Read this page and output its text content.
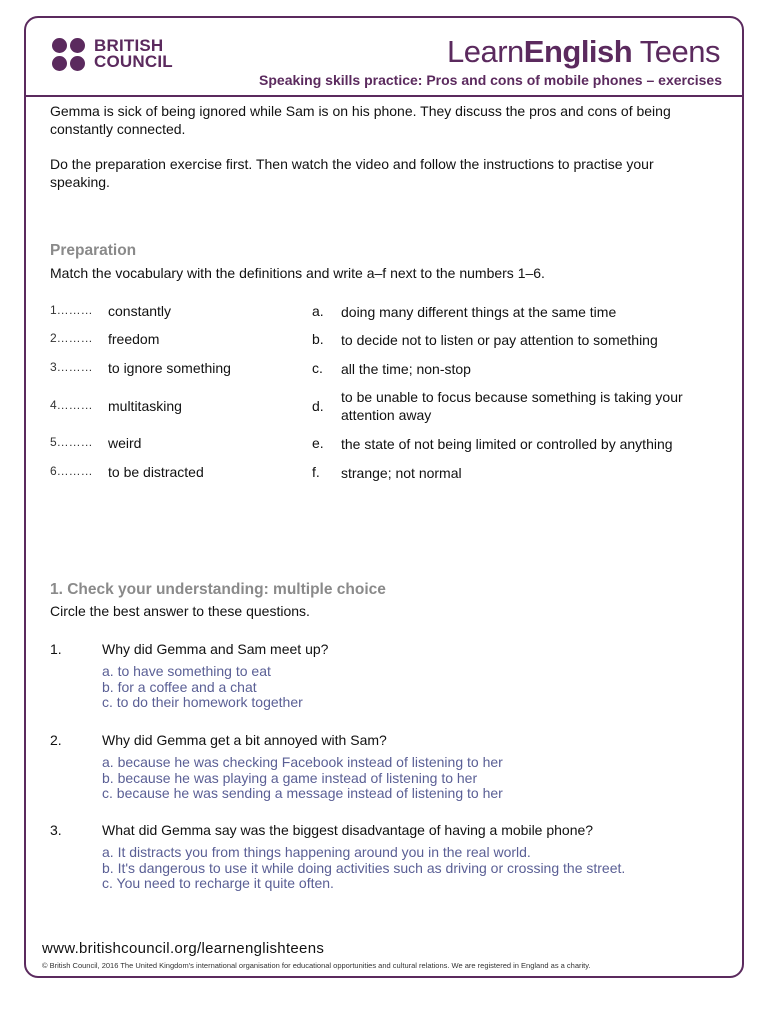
BRITISH
COUNCIL	LearnEnglish Teens
Speaking skills practice: Pros and cons of mobile phones – exercises
Gemma is sick of being ignored while Sam is on his phone. They discuss the pros and cons of being constantly connected.
Do the preparation exercise first. Then watch the video and follow the instructions to practise your speaking.
Preparation
Match the vocabulary with the definitions and write a–f next to the numbers 1–6.
1……… constantly	a. doing many different things at the same time
2……… freedom	b. to decide not to listen or pay attention to something
3……… to ignore something	c. all the time; non-stop
4……… multitasking	d.
to be unable to focus because something is taking your attention away
5……… weird	e. the state of not being limited or controlled by anything
6……… to be distracted	f. strange; not normal
1. Check your understanding: multiple choice
Circle the best answer to these questions.
1.	Why did Gemma and Sam meet up?
a. to have something to eat
b. for a coffee and a chat
c. to do their homework together
2.	Why did Gemma get a bit annoyed with Sam?
a. because he was checking Facebook instead of listening to her
b. because he was playing a game instead of listening to her
c. because he was sending a message instead of listening to her
3.	What did Gemma say was the biggest disadvantage of having a mobile phone?
a. It distracts you from things happening around you in the real world.
b. It's dangerous to use it while doing activities such as driving or crossing the street.
c. You need to recharge it quite often.
www.britishcouncil.org/learnenglishteens
© British Council, 2016 The United Kingdom's international organisation for educational opportunities and cultural relations. We are registered in England as a charity.
